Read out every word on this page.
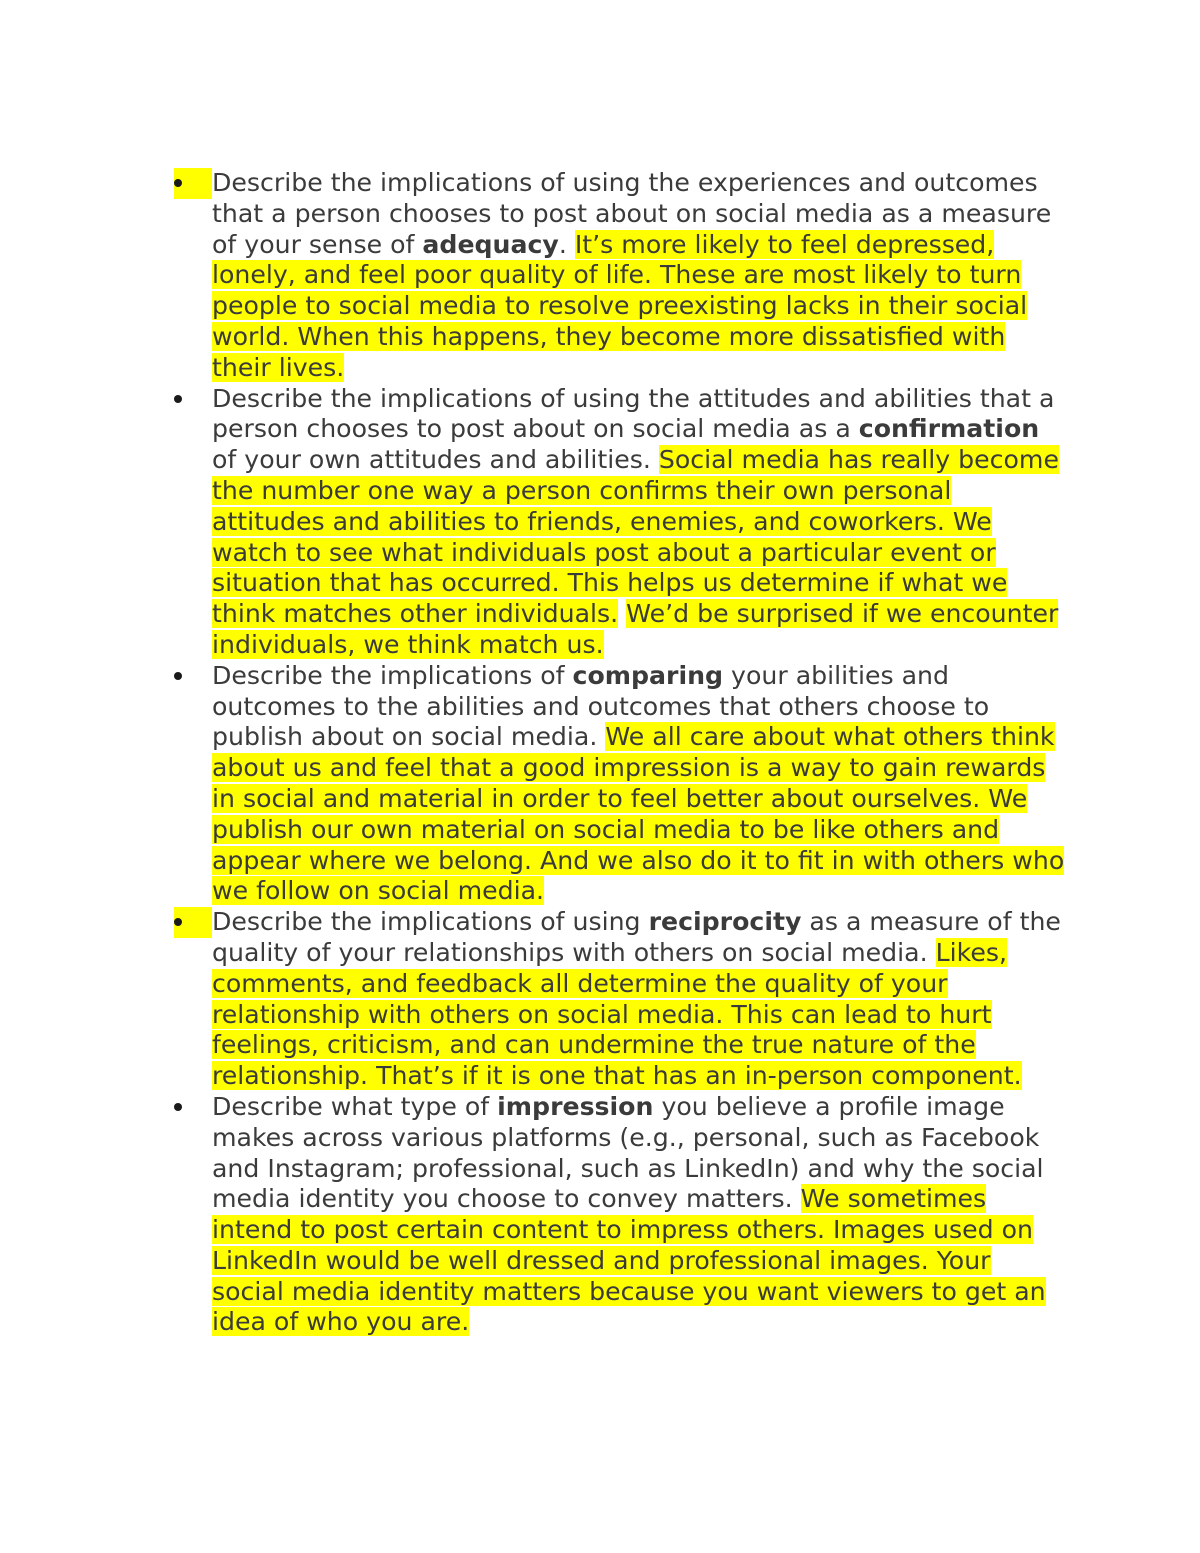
Describe the implications of using the experiences and outcomes that a person chooses to post about on social media as a measure of your sense of adequacy. It’s more likely to feel depressed, lonely, and feel poor quality of life. These are most likely to turn people to social media to resolve preexisting lacks in their social world. When this happens, they become more dissatisfied with their lives.
Describe the implications of using the attitudes and abilities that a person chooses to post about on social media as a confirmation of your own attitudes and abilities. Social media has really become the number one way a person confirms their own personal attitudes and abilities to friends, enemies, and coworkers. We watch to see what individuals post about a particular event or situation that has occurred. This helps us determine if what we think matches other individuals. We’d be surprised if we encounter individuals, we think match us.
Describe the implications of comparing your abilities and outcomes to the abilities and outcomes that others choose to publish about on social media. We all care about what others think about us and feel that a good impression is a way to gain rewards in social and material in order to feel better about ourselves. We publish our own material on social media to be like others and appear where we belong. And we also do it to fit in with others who we follow on social media.
Describe the implications of using reciprocity as a measure of the quality of your relationships with others on social media. Likes, comments, and feedback all determine the quality of your relationship with others on social media. This can lead to hurt feelings, criticism, and can undermine the true nature of the relationship. That’s if it is one that has an in-person component.
Describe what type of impression you believe a profile image makes across various platforms (e.g., personal, such as Facebook and Instagram; professional, such as LinkedIn) and why the social media identity you choose to convey matters. We sometimes intend to post certain content to impress others. Images used on LinkedIn would be well dressed and professional images. Your social media identity matters because you want viewers to get an idea of who you are.
